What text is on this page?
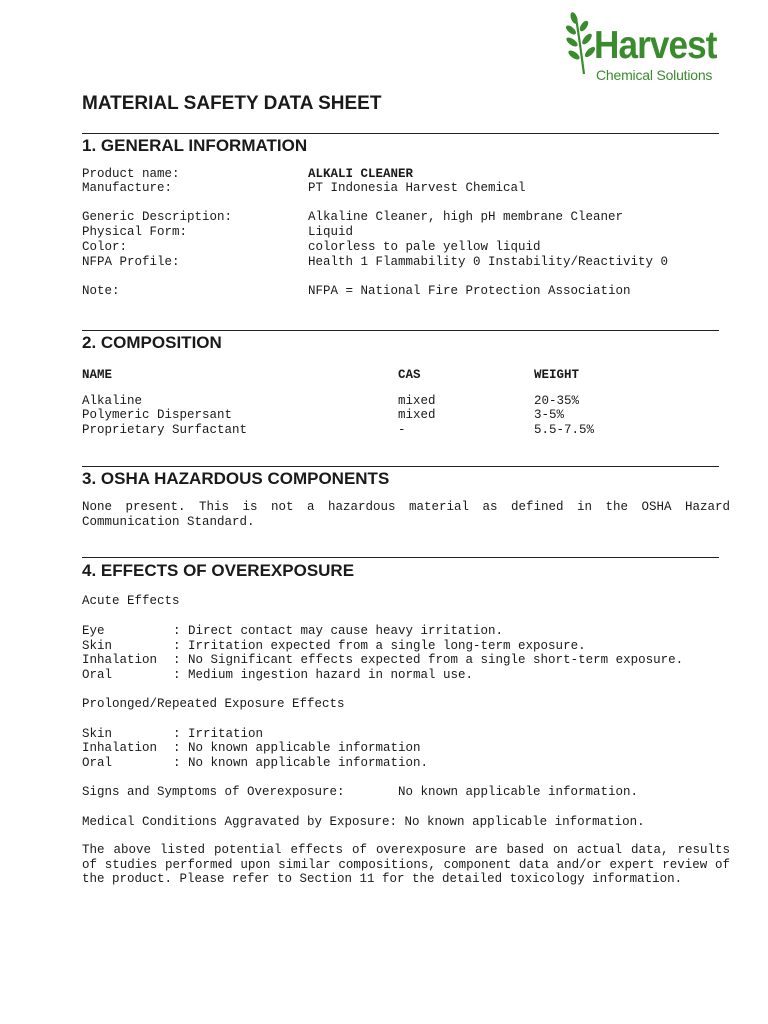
Harvest
Chemical Solutions
MATERIAL SAFETY DATA SHEET
1. GENERAL INFORMATION
Product name:	ALKALI CLEANER
Manufacture:	PT Indonesia Harvest Chemical
Generic Description:	Alkaline Cleaner, high pH membrane Cleaner
Physical Form:	Liquid
Color:	colorless to pale yellow liquid
NFPA Profile:	Health 1 Flammability 0 Instability/Reactivity 0
Note:	NFPA = National Fire Protection Association
2. COMPOSITION
NAME	CAS	WEIGHT
Alkaline	mixed	20-35%
Polymeric Dispersant	mixed	3-5%
Proprietary Surfactant	-	5.5-7.5%
3. OSHA HAZARDOUS COMPONENTS
None present. This is not a hazardous material as defined in the OSHA Hazard Communication Standard.
4. EFFECTS OF OVEREXPOSURE
Acute Effects
Eye	: Direct contact may cause heavy irritation.
Skin	: Irritation expected from a single long-term exposure.
Inhalation : No Significant effects expected from a single short-term exposure.
Oral	: Medium ingestion hazard in normal use.
Prolonged/Repeated Exposure Effects
Skin	: Irritation
Inhalation : No known applicable information
Oral	: No known applicable information.
Signs and Symptoms of Overexposure:	No known applicable information.
Medical Conditions Aggravated by Exposure: No known applicable information.
The above listed potential effects of overexposure are based on actual data, results of studies performed upon similar compositions, component data and/or expert review of the product. Please refer to Section 11 for the detailed toxicology information.
